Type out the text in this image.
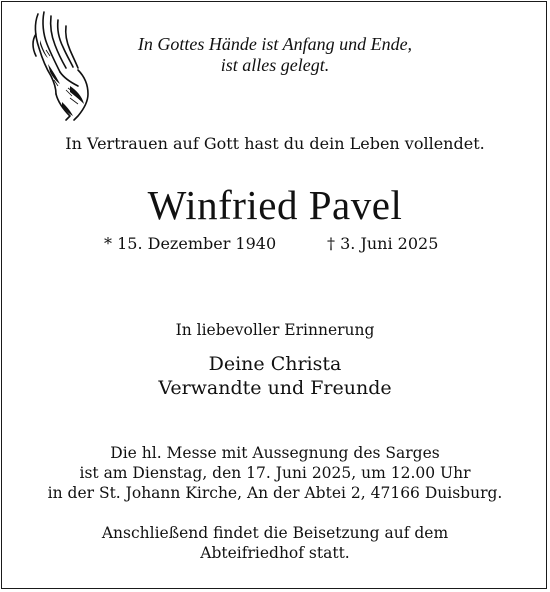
In Gottes Hände ist Anfang und Ende,
ist alles gelegt.
In Vertrauen auf Gott hast du dein Leben vollendet.
Winfried Pavel
* 15. Dezember 1940	† 3. Juni 2025
In liebevoller Erinnerung
Deine Christa
Verwandte und Freunde
Die hl. Messe mit Aussegnung des Sarges
ist am Dienstag, den 17. Juni 2025, um 12.00 Uhr
in der St. Johann Kirche, An der Abtei 2, 47166 Duisburg.
Anschließend findet die Beisetzung auf dem
Abteifriedhof statt.
